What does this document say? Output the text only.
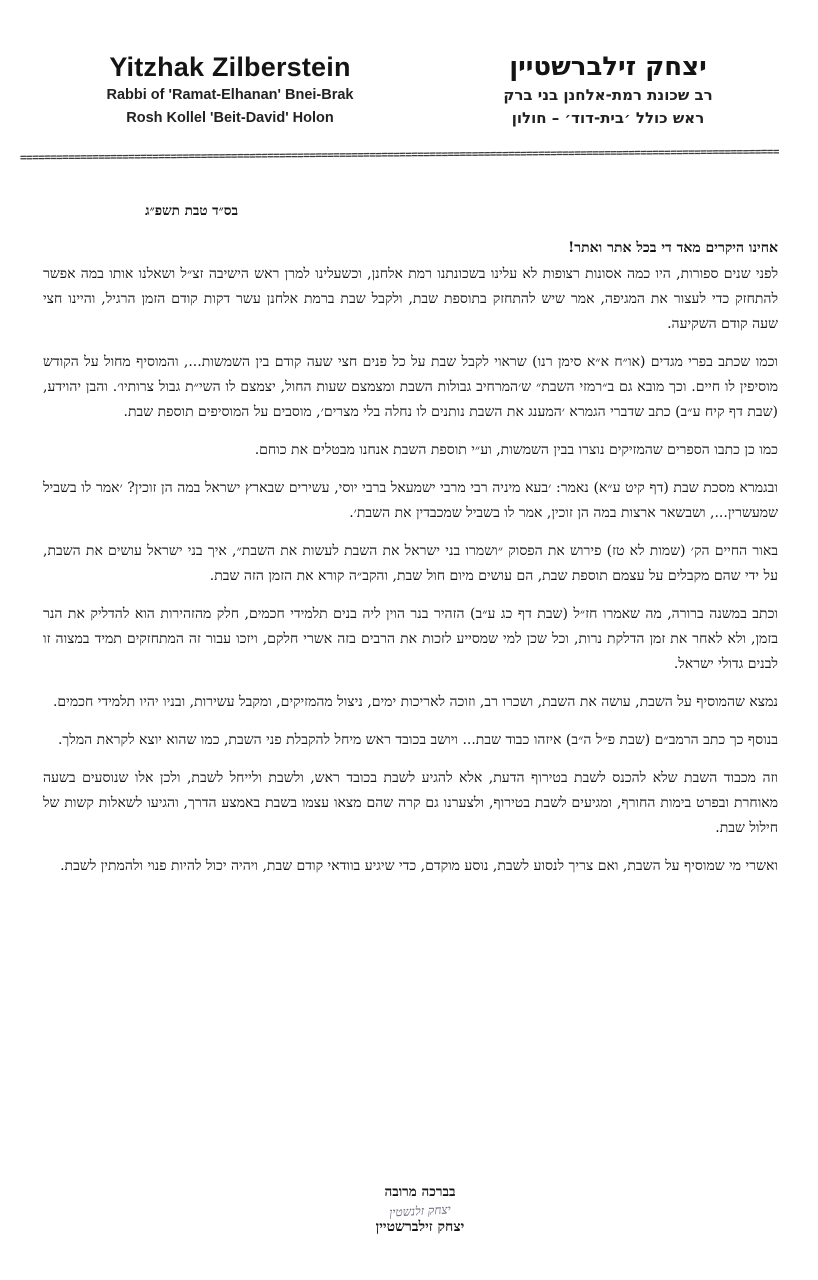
Yitzhak Zilberstein
Rabbi of 'Ramat-Elhanan' Bnei-Brak
Rosh Kollel 'Beit-David' Holon
יצחק זילברשטיין
רב שכונת רמת-אלחנן בני ברק
ראש כולל ׳בית-דוד׳ – חולון
==============================================================================================================================
בס״ד טבת תשפ״ג
אחינו היקרים מאד די בכל אתר ואתר!

לפני שנים ספורות, היו כמה אסונות רצופות לא עלינו בשכונתנו רמת אלחנן, וכשעלינו למרן ראש הישיבה זצ״ל ושאלנו אותו במה אפשר להתחזק כדי לעצור את המגיפה, אמר שיש להתחזק בתוספת שבת, ולקבל שבת ברמת אלחנן עשר דקות קודם הזמן הרגיל, והיינו חצי שעה קודם השקיעה.

וכמו שכתב בפרי מגדים (או״ח א״א סימן רנו) שראוי לקבל שבת על כל פנים חצי שעה קודם בין השמשות..., והמוסיף מחול על הקודש מוסיפין לו חיים. וכך מובא גם ב״רמזי השבת״ ש׳המרחיב גבולות השבת ומצמצם שעות החול, יצמצם לו השי״ת גבול צרותיו׳. והבן יהוידע, (שבת דף קיח ע״ב) כתב שדברי הגמרא ׳המענג את השבת נותנים לו נחלה בלי מצרים׳, מוסבים על המוסיפים תוספת שבת.

כמו כן כתבו הספרים שהמזיקים נוצרו בבין השמשות, וע״י תוספת השבת אנחנו מבטלים את כוחם.

ובגמרא מסכת שבת (דף קיט ע״א) נאמר: ׳בעא מיניה רבי מרבי ישמעאל ברבי יוסי, עשירים שבארץ ישראל במה הן זוכין? ׳אמר לו בשביל שמעשרין..., ושבשאר ארצות במה הן זוכין, אמר לו בשביל שמכבדין את השבת׳.

באור החיים הק׳ (שמות לא טז) פירוש את הפסוק ״ושמרו בני ישראל את השבת לעשות את השבת״, איך בני ישראל עושים את השבת, על ידי שהם מקבלים על עצמם תוספת שבת, הם עושים מיום חול שבת, והקב״ה קורא את הזמן הזה שבת.

וכתב במשנה ברורה, מה שאמרו חז״ל (שבת דף כג ע״ב) הזהיר בנר הוין ליה בנים תלמידי חכמים, חלק מהזהירות הוא להדליק את הנר בזמן, ולא לאחר את זמן הדלקת נרות, וכל שכן למי שמסייע לזכות את הרבים בזה אשרי חלקם, ויזכו עבור זה המתחזקים תמיד במצוה זו לבנים גדולי ישראל.

נמצא שהמוסיף על השבת, עושה את השבת, ושכרו רב, וזוכה לאריכות ימים, ניצול מהמזיקים, ומקבל עשירות, ובניו יהיו תלמידי חכמים.

בנוסף כך כתב הרמב״ם (שבת פ״ל ה״ב) איזהו כבוד שבת... ויושב בכובד ראש מיחל להקבלת פני השבת, כמו שהוא יוצא לקראת המלך.

וזה מכבוד השבת שלא להכנס לשבת בטירוף הדעת, אלא להגיע לשבת בכובד ראש, ולשבת ולייחל לשבת, ולכן אלו שנוסעים בשעה מאוחרת ובפרט בימות החורף, ומגיעים לשבת בטירוף, ולצערנו גם קרה שהם מצאו עצמו בשבת באמצע הדרך, והגיעו לשאלות קשות של חילול שבת.

ואשרי מי שמוסיף על השבת, ואם צריך לנסוע לשבת, נוסע מוקדם, כדי שיגיע בוודאי קודם שבת, ויהיה יכול להיות פנוי ולהמתין לשבת.

בברכה מרובה
יצחק זלנשטין
יצחק זילברשטיין
